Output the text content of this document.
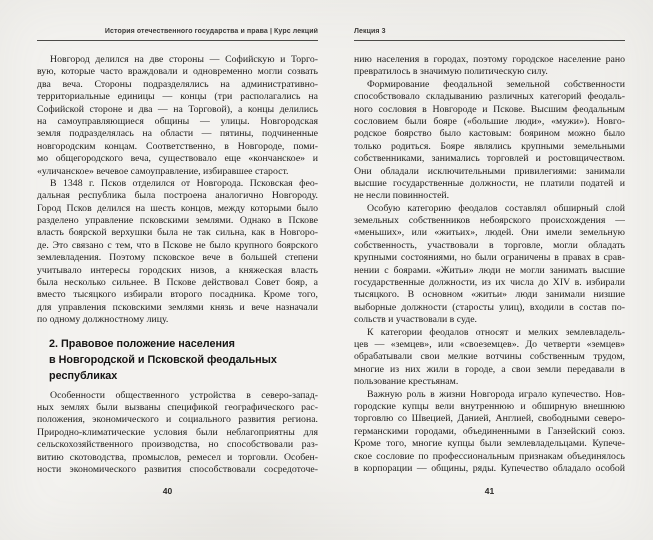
История отечественного государства и права | Курс лекций
Новгород делился на две стороны — Софийскую и Торго-
вую, которые часто враждовали и одновременно могли созвать
два веча. Стороны подразделялись на административно-
территориальные единицы — концы (три располагались на
Софийской стороне и два — на Торговой), а концы делились
на самоуправляющиеся общины — улицы. Новгородская
земля подразделялась на области — пятины, подчиненные
новгородским концам. Соответственно, в Новгороде, поми-
мо общегородского веча, существовало еще «кончанское» и
«уличанское» вечевое самоуправление, избиравшее старост.
В 1348 г. Псков отделился от Новгорода. Псковская фео-
дальная республика была построена аналогично Новгороду.
Город Псков делился на шесть концов, между которыми было
разделено управление псковскими землями. Однако в Пскове
власть боярской верхушки была не так сильна, как в Новгоро-
де. Это связано с тем, что в Пскове не было крупного боярского
землевладения. Поэтому псковское вече в большей степени
учитывало интересы городских низов, а княжеская власть
была несколько сильнее. В Пскове действовал Совет бояр, а
вместо тысяцкого избирали второго посадника. Кроме того,
для управления псковскими землями князь и вече назначали
по одному должностному лицу.
2. Правовое положение населения
в Новгородской и Псковской феодальных
республиках
Особенности общественного устройства в северо-запад-
ных землях были вызваны спецификой географического рас-
положения, экономического и социального развития региона.
Природно-климатические условия были неблагоприятны для
сельскохозяйственного производства, но способствовали раз-
витию скотоводства, промыслов, ремесел и торговли. Особен-
ности экономического развития способствовали сосредоточе-
40
Лекция 3
нию населения в городах, поэтому городское население рано
превратилось в значимую политическую силу.
Формирование феодальной земельной собственности
способствовало складыванию различных категорий феодаль-
ного сословия в Новгороде и Пскове. Высшим феодальным
сословием были бояре («большие люди», «мужи»). Новго-
родское боярство было кастовым: боярином можно было
только родиться. Бояре являлись крупными земельными
собственниками, занимались торговлей и ростовщичеством.
Они обладали исключительными привилегиями: занимали
высшие государственные должности, не платили податей и
не несли повинностей.
Особую категорию феодалов составлял обширный слой
земельных собственников небоярского происхождения —
«меньших», или «житьих», людей. Они имели земельную
собственность, участвовали в торговле, могли обладать
крупными состояниями, но были ограничены в правах в срав-
нении с боярами. «Житьи» люди не могли занимать высшие
государственные должности, из их числа до XIV в. избирали
тысяцкого. В основном «житьи» люди занимали низшие
выборные должности (старосты улиц), входили в состав по-
сольств и участвовали в суде.
К категории феодалов относят и мелких землевладель-
цев — «земцев», или «своеземцев». До четверти «земцев»
обрабатывали свои мелкие вотчины собственным трудом,
многие из них жили в городе, а свои земли передавали в
пользование крестьянам.
Важную роль в жизни Новгорода играло купечество. Нов-
городские купцы вели внутреннюю и обширную внешнюю
торговлю со Швецией, Данией, Англией, свободными северо-
германскими городами, объединенными в Ганзейский союз.
Кроме того, многие купцы были землевладельцами. Купече-
ское сословие по профессиональным признакам объединялось
в корпорации — общины, ряды. Купечество обладало особой
41
